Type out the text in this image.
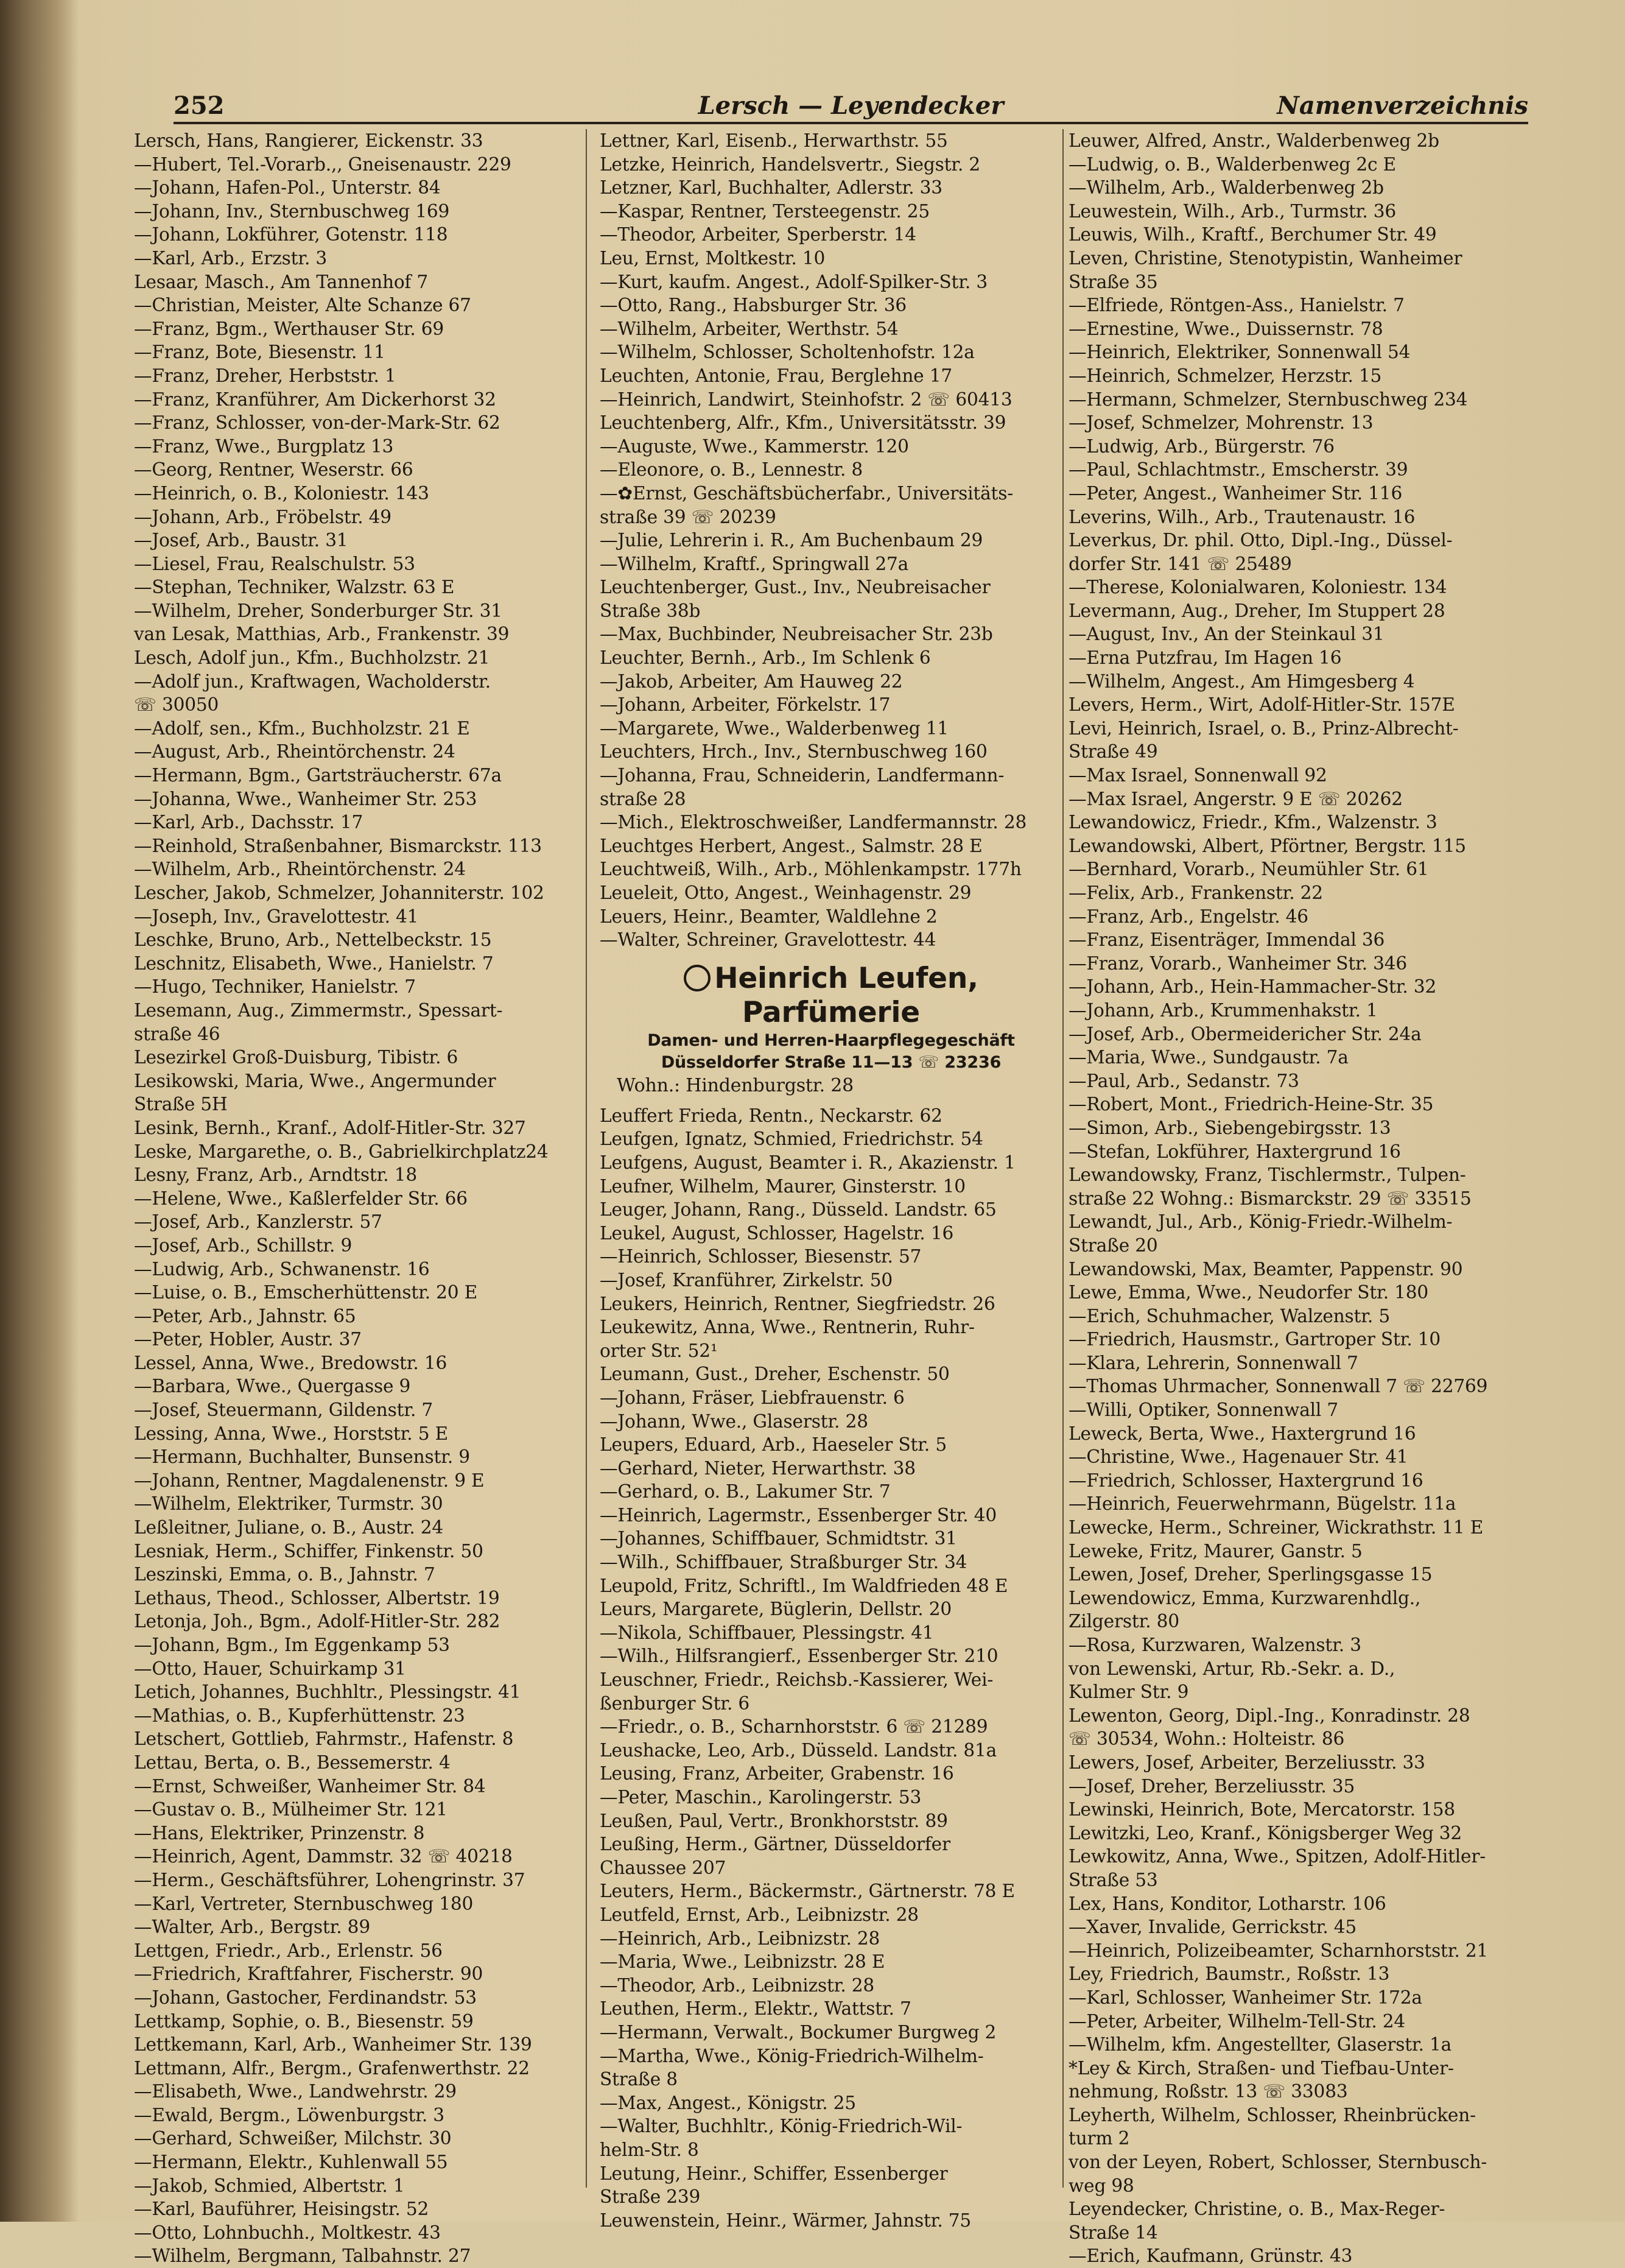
252	Lersch — Leyendecker	Namenverzeichnis
Lersch, Hans, Rangierer, Eickenstr. 33
—Hubert, Tel.-Vorarb.,, Gneisenaustr. 229
—Johann, Hafen-Pol., Unterstr. 84
—Johann, Inv., Sternbuschweg 169
—Johann, Lokführer, Gotenstr. 118
—Karl, Arb., Erzstr. 3
Lesaar, Masch., Am Tannenhof 7
—Christian, Meister, Alte Schanze 67
—Franz, Bgm., Werthauser Str. 69
—Franz, Bote, Biesenstr. 11
—Franz, Dreher, Herbststr. 1
—Franz, Kranführer, Am Dickerhorst 32
—Franz, Schlosser, von-der-Mark-Str. 62
—Franz, Wwe., Burgplatz 13
—Georg, Rentner, Weserstr. 66
—Heinrich, o. B., Koloniestr. 143
—Johann, Arb., Fröbelstr. 49
—Josef, Arb., Baustr. 31
—Liesel, Frau, Realschulstr. 53
—Stephan, Techniker, Walzstr. 63 E
—Wilhelm, Dreher, Sonderburger Str. 31
van Lesak, Matthias, Arb., Frankenstr. 39
Lesch, Adolf jun., Kfm., Buchholzstr. 21
—Adolf jun., Kraftwagen, Wacholderstr.
☏ 30050
—Adolf, sen., Kfm., Buchholzstr. 21 E
—August, Arb., Rheintörchenstr. 24
—Hermann, Bgm., Gartsträucherstr. 67a
—Johanna, Wwe., Wanheimer Str. 253
—Karl, Arb., Dachsstr. 17
—Reinhold, Straßenbahner, Bismarckstr. 113
—Wilhelm, Arb., Rheintörchenstr. 24
Lescher, Jakob, Schmelzer, Johanniterstr. 102
—Joseph, Inv., Gravelottestr. 41
Leschke, Bruno, Arb., Nettelbeckstr. 15
Leschnitz, Elisabeth, Wwe., Hanielstr. 7
—Hugo, Techniker, Hanielstr. 7
Lesemann, Aug., Zimmermstr., Spessart-
straße 46
Lesezirkel Groß-Duisburg, Tibistr. 6
Lesikowski, Maria, Wwe., Angermunder
Straße 5H
Lesink, Bernh., Kranf., Adolf-Hitler-Str. 327
Leske, Margarethe, o. B., Gabrielkirchplatz24
Lesny, Franz, Arb., Arndtstr. 18
—Helene, Wwe., Kaßlerfelder Str. 66
—Josef, Arb., Kanzlerstr. 57
—Josef, Arb., Schillstr. 9
—Ludwig, Arb., Schwanenstr. 16
—Luise, o. B., Emscherhüttenstr. 20 E
—Peter, Arb., Jahnstr. 65
—Peter, Hobler, Austr. 37
Lessel, Anna, Wwe., Bredowstr. 16
—Barbara, Wwe., Quergasse 9
—Josef, Steuermann, Gildenstr. 7
Lessing, Anna, Wwe., Horststr. 5 E
—Hermann, Buchhalter, Bunsenstr. 9
—Johann, Rentner, Magdalenenstr. 9 E
—Wilhelm, Elektriker, Turmstr. 30
Leßleitner, Juliane, o. B., Austr. 24
Lesniak, Herm., Schiffer, Finkenstr. 50
Leszinski, Emma, o. B., Jahnstr. 7
Lethaus, Theod., Schlosser, Albertstr. 19
Letonja, Joh., Bgm., Adolf-Hitler-Str. 282
—Johann, Bgm., Im Eggenkamp 53
—Otto, Hauer, Schuirkamp 31
Letich, Johannes, Buchhltr., Plessingstr. 41
—Mathias, o. B., Kupferhüttenstr. 23
Letschert, Gottlieb, Fahrmstr., Hafenstr. 8
Lettau, Berta, o. B., Bessemerstr. 4
—Ernst, Schweißer, Wanheimer Str. 84
—Gustav o. B., Mülheimer Str. 121
—Hans, Elektriker, Prinzenstr. 8
—Heinrich, Agent, Dammstr. 32 ☏ 40218
—Herm., Geschäftsführer, Lohengrinstr. 37
—Karl, Vertreter, Sternbuschweg 180
—Walter, Arb., Bergstr. 89
Lettgen, Friedr., Arb., Erlenstr. 56
—Friedrich, Kraftfahrer, Fischerstr. 90
—Johann, Gastocher, Ferdinandstr. 53
Lettkamp, Sophie, o. B., Biesenstr. 59
Lettkemann, Karl, Arb., Wanheimer Str. 139
Lettmann, Alfr., Bergm., Grafenwerthstr. 22
—Elisabeth, Wwe., Landwehrstr. 29
—Ewald, Bergm., Löwenburgstr. 3
—Gerhard, Schweißer, Milchstr. 30
—Hermann, Elektr., Kuhlenwall 55
—Jakob, Schmied, Albertstr. 1
—Karl, Bauführer, Heisingstr. 52
—Otto, Lohnbuchh., Moltkestr. 43
—Wilhelm, Bergmann, Talbahnstr. 27
Lettner, Karl, Eisenb., Herwarthstr. 55
Letzke, Heinrich, Handelsvertr., Siegstr. 2
Letzner, Karl, Buchhalter, Adlerstr. 33
—Kaspar, Rentner, Tersteegenstr. 25
—Theodor, Arbeiter, Sperberstr. 14
Leu, Ernst, Moltkestr. 10
—Kurt, kaufm. Angest., Adolf-Spilker-Str. 3
—Otto, Rang., Habsburger Str. 36
—Wilhelm, Arbeiter, Werthstr. 54
—Wilhelm, Schlosser, Scholtenhofstr. 12a
Leuchten, Antonie, Frau, Berglehne 17
—Heinrich, Landwirt, Steinhofstr. 2 ☏ 60413
Leuchtenberg, Alfr., Kfm., Universitätsstr. 39
—Auguste, Wwe., Kammerstr. 120
—Eleonore, o. B., Lennestr. 8
—✿Ernst, Geschäftsbücherfabr., Universitäts-
straße 39 ☏ 20239
—Julie, Lehrerin i. R., Am Buchenbaum 29
—Wilhelm, Kraftf., Springwall 27a
Leuchtenberger, Gust., Inv., Neubreisacher
Straße 38b
—Max, Buchbinder, Neubreisacher Str. 23b
Leuchter, Bernh., Arb., Im Schlenk 6
—Jakob, Arbeiter, Am Hauweg 22
—Johann, Arbeiter, Förkelstr. 17
—Margarete, Wwe., Walderbenweg 11
Leuchters, Hrch., Inv., Sternbuschweg 160
—Johanna, Frau, Schneiderin, Landfermann-
straße 28
—Mich., Elektroschweißer, Landfermannstr. 28
Leuchtges Herbert, Angest., Salmstr. 28 E
Leuchtweiß, Wilh., Arb., Möhlenkampstr. 177h
Leueleit, Otto, Angest., Weinhagenstr. 29
Leuers, Heinr., Beamter, Waldlehne 2
—Walter, Schreiner, Gravelottestr. 44
Heinrich Leufen, Parfümerie
Damen- und Herren-Haarpflegegeschäft
Düsseldorfer Straße 11—13 ☏ 23236
Wohn.: Hindenburgstr. 28
Leuffert Frieda, Rentn., Neckarstr. 62
Leufgen, Ignatz, Schmied, Friedrichstr. 54
Leufgens, August, Beamter i. R., Akazienstr. 1
Leufner, Wilhelm, Maurer, Ginsterstr. 10
Leuger, Johann, Rang., Düsseld. Landstr. 65
Leukel, August, Schlosser, Hagelstr. 16
—Heinrich, Schlosser, Biesenstr. 57
—Josef, Kranführer, Zirkelstr. 50
Leukers, Heinrich, Rentner, Siegfriedstr. 26
Leukewitz, Anna, Wwe., Rentnerin, Ruhr-
orter Str. 52¹
Leumann, Gust., Dreher, Eschenstr. 50
—Johann, Fräser, Liebfrauenstr. 6
—Johann, Wwe., Glaserstr. 28
Leupers, Eduard, Arb., Haeseler Str. 5
—Gerhard, Nieter, Herwarthstr. 38
—Gerhard, o. B., Lakumer Str. 7
—Heinrich, Lagermstr., Essenberger Str. 40
—Johannes, Schiffbauer, Schmidtstr. 31
—Wilh., Schiffbauer, Straßburger Str. 34
Leupold, Fritz, Schriftl., Im Waldfrieden 48 E
Leurs, Margarete, Büglerin, Dellstr. 20
—Nikola, Schiffbauer, Plessingstr. 41
—Wilh., Hilfsrangierf., Essenberger Str. 210
Leuschner, Friedr., Reichsb.-Kassierer, Wei-
ßenburger Str. 6
—Friedr., o. B., Scharnhorststr. 6 ☏ 21289
Leushacke, Leo, Arb., Düsseld. Landstr. 81a
Leusing, Franz, Arbeiter, Grabenstr. 16
—Peter, Maschin., Karolingerstr. 53
Leußen, Paul, Vertr., Bronkhorststr. 89
Leußing, Herm., Gärtner, Düsseldorfer
Chaussee 207
Leuters, Herm., Bäckermstr., Gärtnerstr. 78 E
Leutfeld, Ernst, Arb., Leibnizstr. 28
—Heinrich, Arb., Leibnizstr. 28
—Maria, Wwe., Leibnizstr. 28 E
—Theodor, Arb., Leibnizstr. 28
Leuthen, Herm., Elektr., Wattstr. 7
—Hermann, Verwalt., Bockumer Burgweg 2
—Martha, Wwe., König-Friedrich-Wilhelm-
Straße 8
—Max, Angest., Königstr. 25
—Walter, Buchhltr., König-Friedrich-Wil-
helm-Str. 8
Leutung, Heinr., Schiffer, Essenberger
Straße 239
Leuwenstein, Heinr., Wärmer, Jahnstr. 75
Leuwer, Alfred, Anstr., Walderbenweg 2b
—Ludwig, o. B., Walderbenweg 2c E
—Wilhelm, Arb., Walderbenweg 2b
Leuwestein, Wilh., Arb., Turmstr. 36
Leuwis, Wilh., Kraftf., Berchumer Str. 49
Leven, Christine, Stenotypistin, Wanheimer
Straße 35
—Elfriede, Röntgen-Ass., Hanielstr. 7
—Ernestine, Wwe., Duissernstr. 78
—Heinrich, Elektriker, Sonnenwall 54
—Heinrich, Schmelzer, Herzstr. 15
—Hermann, Schmelzer, Sternbuschweg 234
—Josef, Schmelzer, Mohrenstr. 13
—Ludwig, Arb., Bürgerstr. 76
—Paul, Schlachtmstr., Emscherstr. 39
—Peter, Angest., Wanheimer Str. 116
Leverins, Wilh., Arb., Trautenaustr. 16
Leverkus, Dr. phil. Otto, Dipl.-Ing., Düssel-
dorfer Str. 141 ☏ 25489
—Therese, Kolonialwaren, Koloniestr. 134
Levermann, Aug., Dreher, Im Stuppert 28
—August, Inv., An der Steinkaul 31
—Erna Putzfrau, Im Hagen 16
—Wilhelm, Angest., Am Himgesberg 4
Levers, Herm., Wirt, Adolf-Hitler-Str. 157E
Levi, Heinrich, Israel, o. B., Prinz-Albrecht-
Straße 49
—Max Israel, Sonnenwall 92
—Max Israel, Angerstr. 9 E ☏ 20262
Lewandowicz, Friedr., Kfm., Walzenstr. 3
Lewandowski, Albert, Pförtner, Bergstr. 115
—Bernhard, Vorarb., Neumühler Str. 61
—Felix, Arb., Frankenstr. 22
—Franz, Arb., Engelstr. 46
—Franz, Eisenträger, Immendal 36
—Franz, Vorarb., Wanheimer Str. 346
—Johann, Arb., Hein-Hammacher-Str. 32
—Johann, Arb., Krummenhakstr. 1
—Josef, Arb., Obermeidericher Str. 24a
—Maria, Wwe., Sundgaustr. 7a
—Paul, Arb., Sedanstr. 73
—Robert, Mont., Friedrich-Heine-Str. 35
—Simon, Arb., Siebengebirgsstr. 13
—Stefan, Lokführer, Haxtergrund 16
Lewandowsky, Franz, Tischlermstr., Tulpen-
straße 22 Wohng.: Bismarckstr. 29 ☏ 33515
Lewandt, Jul., Arb., König-Friedr.-Wilhelm-
Straße 20
Lewandowski, Max, Beamter, Pappenstr. 90
Lewe, Emma, Wwe., Neudorfer Str. 180
—Erich, Schuhmacher, Walzenstr. 5
—Friedrich, Hausmstr., Gartroper Str. 10
—Klara, Lehrerin, Sonnenwall 7
—Thomas Uhrmacher, Sonnenwall 7 ☏ 22769
—Willi, Optiker, Sonnenwall 7
Leweck, Berta, Wwe., Haxtergrund 16
—Christine, Wwe., Hagenauer Str. 41
—Friedrich, Schlosser, Haxtergrund 16
—Heinrich, Feuerwehrmann, Bügelstr. 11a
Lewecke, Herm., Schreiner, Wickrathstr. 11 E
Leweke, Fritz, Maurer, Ganstr. 5
Lewen, Josef, Dreher, Sperlingsgasse 15
Lewendowicz, Emma, Kurzwarenhdlg.,
Zilgerstr. 80
—Rosa, Kurzwaren, Walzenstr. 3
von Lewenski, Artur, Rb.-Sekr. a. D.,
Kulmer Str. 9
Lewenton, Georg, Dipl.-Ing., Konradinstr. 28
☏ 30534, Wohn.: Holteistr. 86
Lewers, Josef, Arbeiter, Berzeliusstr. 33
—Josef, Dreher, Berzeliusstr. 35
Lewinski, Heinrich, Bote, Mercatorstr. 158
Lewitzki, Leo, Kranf., Königsberger Weg 32
Lewkowitz, Anna, Wwe., Spitzen, Adolf-Hitler-
Straße 53
Lex, Hans, Konditor, Lotharstr. 106
—Xaver, Invalide, Gerrickstr. 45
—Heinrich, Polizeibeamter, Scharnhorststr. 21
Ley, Friedrich, Baumstr., Roßstr. 13
—Karl, Schlosser, Wanheimer Str. 172a
—Peter, Arbeiter, Wilhelm-Tell-Str. 24
—Wilhelm, kfm. Angestellter, Glaserstr. 1a
*Ley & Kirch, Straßen- und Tiefbau-Unter-
nehmung, Roßstr. 13 ☏ 33083
Leyherth, Wilhelm, Schlosser, Rheinbrücken-
turm 2
von der Leyen, Robert, Schlosser, Sternbusch-
weg 98
Leyendecker, Christine, o. B., Max-Reger-
Straße 14
—Erich, Kaufmann, Grünstr. 43
